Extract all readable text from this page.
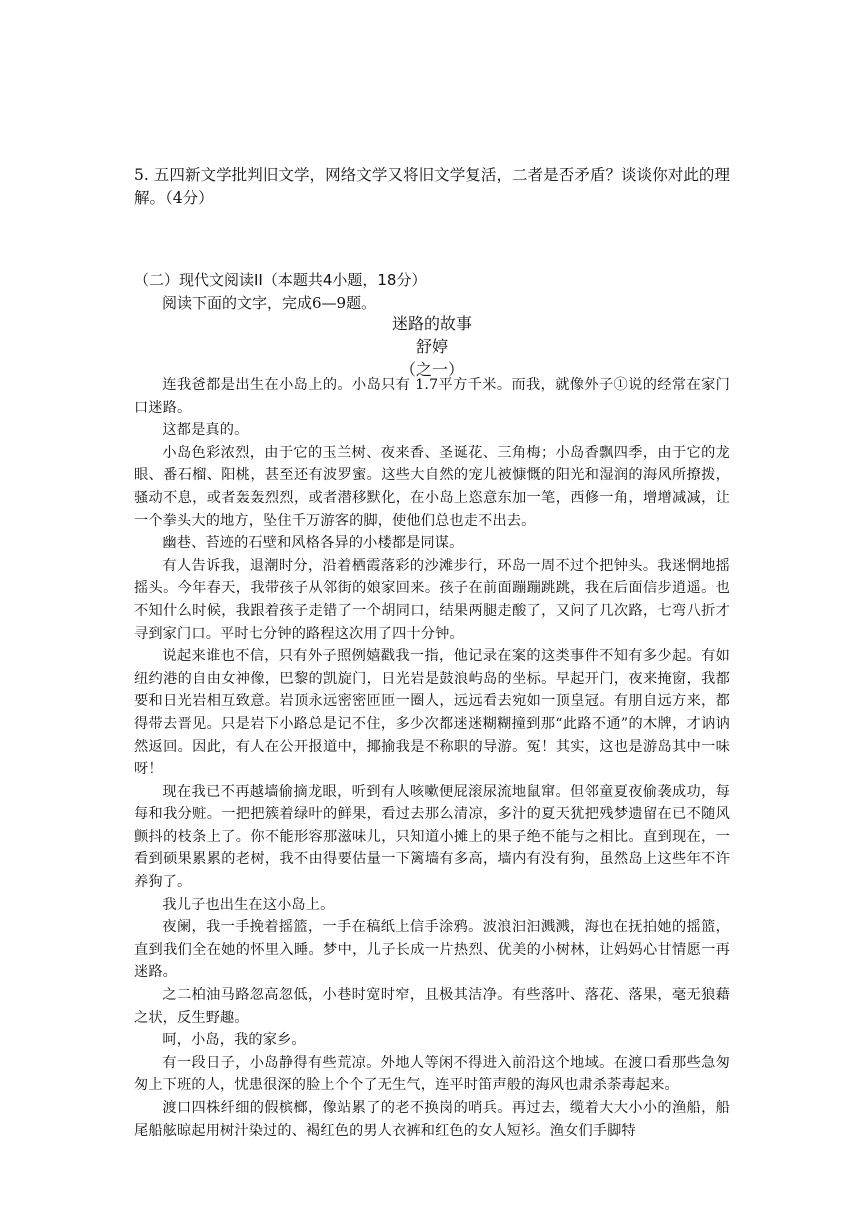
5. 五四新文学批判旧文学，网络文学又将旧文学复活，二者是否矛盾？谈谈你对此的理解。（4分）
（二）现代文阅读II（本题共4小题，18分）
阅读下面的文字，完成6—9题。
迷路的故事
舒婷
（之一）

连我爸都是出生在小岛上的。小岛只有 1.7平方千米。而我，就像外子①说的经常在家门口迷路。

这都是真的。

小岛色彩浓烈，由于它的玉兰树、夜来香、圣诞花、三角梅；小岛香飘四季，由于它的龙眼、番石榴、阳桃，甚至还有波罗蜜。这些大自然的宠儿被慷慨的阳光和湿润的海风所撩拨，骚动不息，或者轰轰烈烈，或者潜移默化，在小岛上恣意东加一笔，西修一角，增增减减，让一个拳头大的地方，坠住千万游客的脚，使他们总也走不出去。

幽巷、苔迹的石壁和风格各异的小楼都是同谋。

有人告诉我，退潮时分，沿着栖霞落彩的沙滩步行，环岛一周不过个把钟头。我迷惘地摇摇头。今年春天，我带孩子从邻街的娘家回来。孩子在前面蹦蹦跳跳，我在后面信步逍遥。也不知什么时候，我跟着孩子走错了一个胡同口，结果两腿走酸了，又问了几次路，七弯八折才寻到家门口。平时七分钟的路程这次用了四十分钟。

说起来谁也不信，只有外子照例嬉戳我一指，他记录在案的这类事件不知有多少起。有如纽约港的自由女神像，巴黎的凯旋门，日光岩是鼓浪屿岛的坐标。早起开门，夜来掩窗，我都要和日光岩相互致意。岩顶永远密密匝匝一圈人，远远看去宛如一顶皇冠。有朋自远方来，都得带去晋见。只是岩下小路总是记不住，多少次都迷迷糊糊撞到那“此路不通”的木牌，才讷讷然返回。因此，有人在公开报道中，揶揄我是不称职的导游。冤！其实，这也是游岛其中一味呀！

现在我已不再越墙偷摘龙眼，听到有人咳嗽便屁滚尿流地鼠窜。但邻童夏夜偷袭成功，每每和我分赃。一把把簇着绿叶的鲜果，看过去那么清凉，多汁的夏天犹把残梦遗留在已不随风颤抖的枝条上了。你不能形容那滋味儿，只知道小摊上的果子绝不能与之相比。直到现在，一看到硕果累累的老树，我不由得要估量一下篱墙有多高，墙内有没有狗，虽然岛上这些年不许养狗了。

我儿子也出生在这小岛上。

夜阑，我一手挽着摇篮，一手在稿纸上信手涂鸦。波浪汩汩溅溅，海也在抚拍她的摇篮，直到我们全在她的怀里入睡。梦中，儿子长成一片热烈、优美的小树林，让妈妈心甘情愿一再迷路。

之二柏油马路忽高忽低，小巷时宽时窄，且极其洁净。有些落叶、落花、落果，毫无狼藉之状，反生野趣。

呵，小岛，我的家乡。

有一段日子，小岛静得有些荒凉。外地人等闲不得进入前沿这个地域。在渡口看那些急匆匆上下班的人，忧患很深的脸上个个了无生气，连平时笛声般的海风也肃杀荼毒起来。

渡口四株纤细的假槟榔，像站累了的老不换岗的哨兵。再过去，缆着大大小小的渔船，船尾船舷晾起用树汁染过的、褐红色的男人衣裤和红色的女人短衫。渔女们手脚特
